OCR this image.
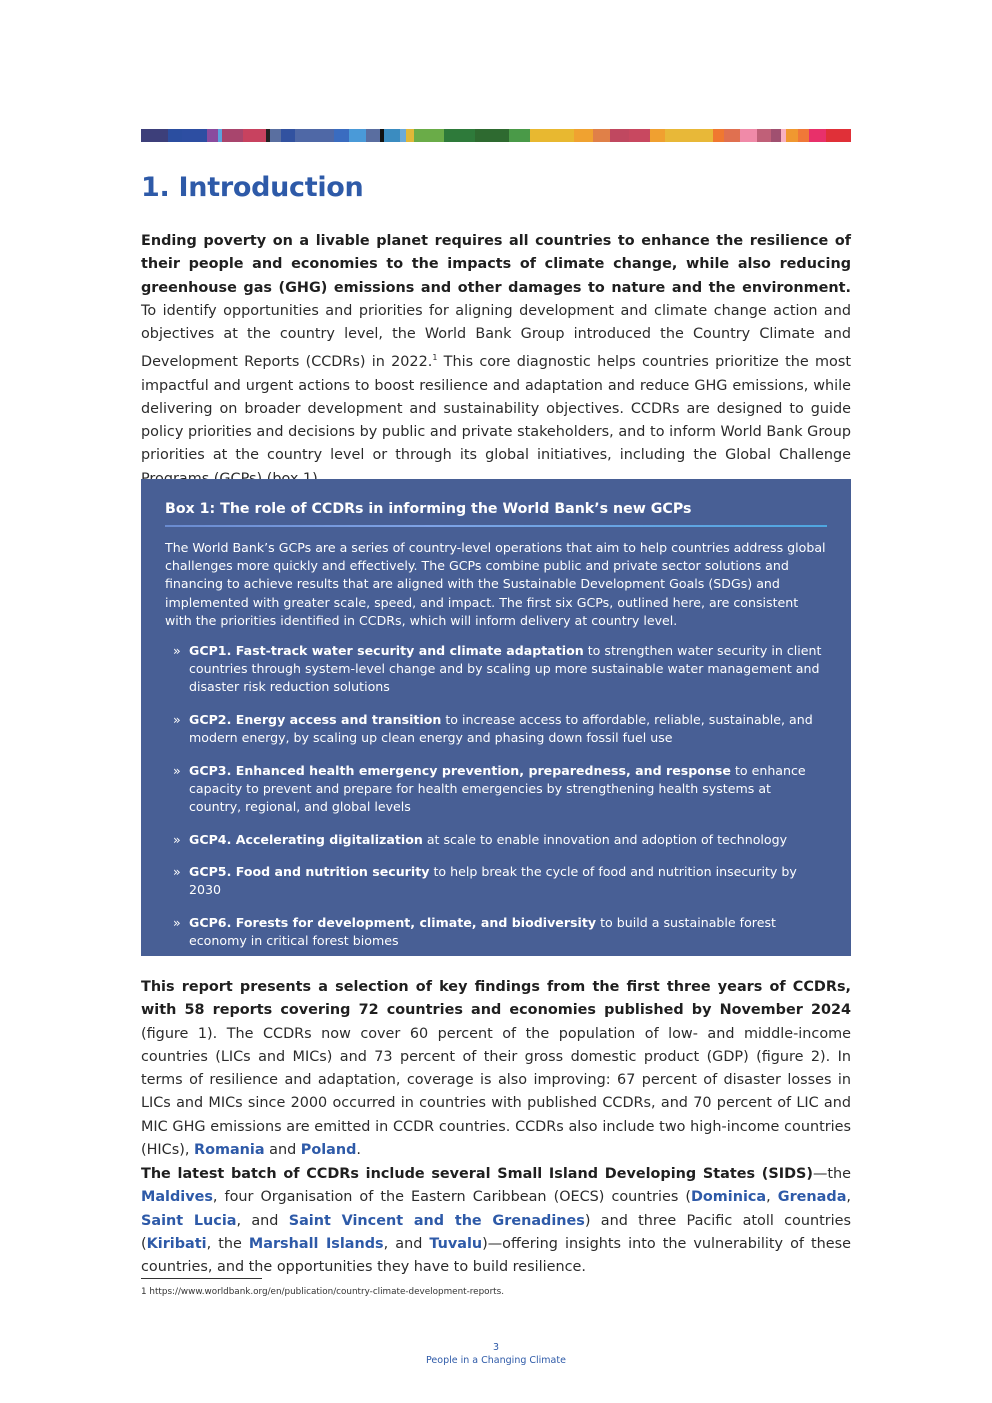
1. Introduction

Ending poverty on a livable planet requires all countries to enhance the resilience of their people and economies to the impacts of climate change, while also reducing greenhouse gas (GHG) emissions and other damages to nature and the environment. To identify opportunities and priorities for aligning development and climate change action and objectives at the country level, the World Bank Group introduced the Country Climate and Development Reports (CCDRs) in 2022.$^1$ This core diagnostic helps countries prioritize the most impactful and urgent actions to boost resilience and adaptation and reduce GHG emissions, while delivering on broader development and sustainability objectives. CCDRs are designed to guide policy priorities and decisions by public and private stakeholders, and to inform World Bank Group priorities at the country level or through its global initiatives, including the Global Challenge

Box 1: The role of CCDRs in informing the World Bank’s new GCPs

The World Bank’s GCPs are a series of country-level operations that aim to help countries address global challenges more quickly and effectively. The GCPs combine public and private sector solutions and financing to achieve results that are aligned with the Sustainable Development Goals (SDGs) and implemented with greater scale, speed, and impact. The first six GCPs, outlined here, are consistent with the priorities identified in CCDRs, which will inform delivery at country level.

» GCP1. Fast-track water security and climate adaptation to strengthen water security in client countries through system-level change and by scaling up more sustainable water management and disaster risk reduction solutions
» GCP2. Energy access and transition to increase access to affordable, reliable, sustainable, and modern energy, by scaling up clean energy and phasing down fossil fuel use
» GCP3. Enhanced health emergency prevention, preparedness, and response to enhance capacity to prevent and prepare for health emergencies by strengthening health systems at country, regional, and global levels
» GCP4. Accelerating digitalization at scale to enable innovation and adoption of technology
» GCP5. Food and nutrition security to help break the cycle of food and nutrition insecurity by 2030
» GCP6. Forests for development, climate, and biodiversity to build a sustainable forest economy in critical forest biomes

This report presents a selection of key findings from the first three years of CCDRs, with 58 reports covering 72 countries and economies published by November 2024 (figure 1). The CCDRs now cover 60 percent of the population of low- and middle-income countries (LICs and MICs) and 73 percent of their gross domestic product (GDP) (figure 2). In terms of resilience and adaptation, coverage is also improving: 67 percent of disaster losses in LICs and MICs since 2000 occurred in countries with published CCDRs, and 70 percent of LIC and MIC GHG emissions are emitted in CCDR countries. CCDRs also include two high-income countries (HICs), Romania and Poland.

The latest batch of CCDRs include several Small Island Developing States (SIDS)—the Maldives, four Organisation of the Eastern Caribbean (OECS) countries (Dominica, Grenada, Saint Lucia, and Saint Vincent and the Grenadines) and three Pacific atoll countries (Kiribati, the Marshall Islands, and Tuvalu)—offering insights into the vulnerability of these countries, and the opportunities they have to build resilience.

1 https://www.worldbank.org/en/publication/country-climate-development-reports.

3

People in a Changing Climate
